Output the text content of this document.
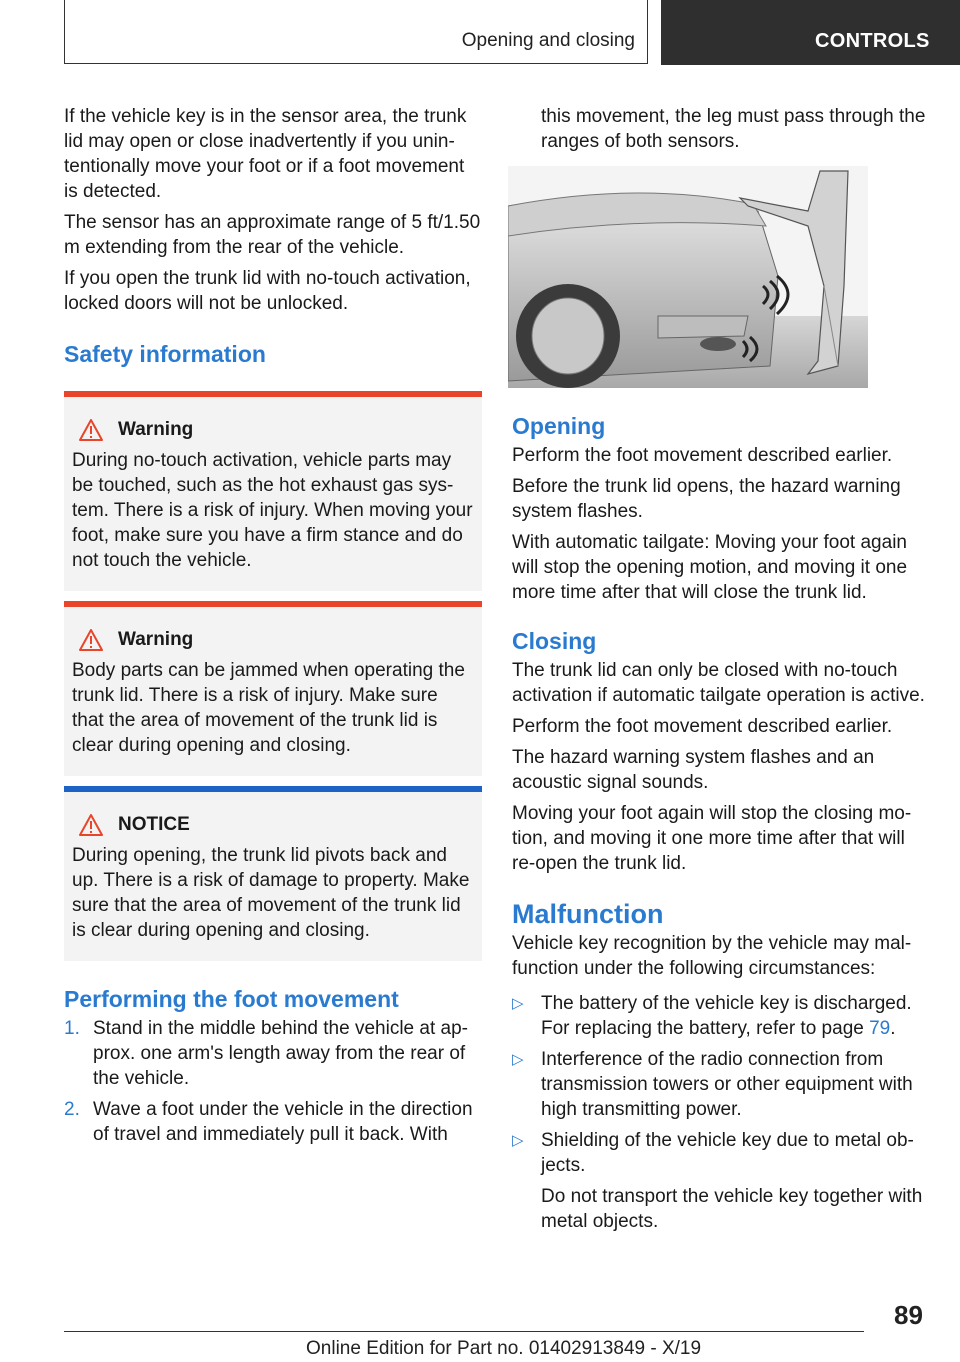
Opening and closing	CONTROLS

If the vehicle key is in the sensor area, the trunk lid may open or close inadvertently if you unintentionally move your foot or if a foot movement is detected.

The sensor has an approximate range of 5 ft/1.50 m extending from the rear of the vehicle.

If you open the trunk lid with no-touch activation, locked doors will not be unlocked.

Safety information
Warning
During no-touch activation, vehicle parts may be touched, such as the hot exhaust gas system. There is a risk of injury. When moving your foot, make sure you have a firm stance and do not touch the vehicle.
Warning
Body parts can be jammed when operating the trunk lid. There is a risk of injury. Make sure that the area of movement of the trunk lid is clear during opening and closing.
NOTICE
During opening, the trunk lid pivots back and up. There is a risk of damage to property. Make sure that the area of movement of the trunk lid is clear during opening and closing.
Performing the foot movement
1. Stand in the middle behind the vehicle at approx. one arm's length away from the rear of the vehicle.
2. Wave a foot under the vehicle in the direction of travel and immediately pull it back. With

this movement, the leg must pass through the ranges of both sensors.

Opening

Perform the foot movement described earlier.

Before the trunk lid opens, the hazard warning system flashes.

With automatic tailgate: Moving your foot again will stop the opening motion, and moving it one more time after that will close the trunk lid.

Closing

The trunk lid can only be closed with no-touch activation if automatic tailgate operation is active.

Perform the foot movement described earlier.

The hazard warning system flashes and an acoustic signal sounds.

Moving your foot again will stop the closing motion, and moving it one more time after that will re-open the trunk lid.

Malfunction

Vehicle key recognition by the vehicle may malfunction under the following circumstances:

▷ The battery of the vehicle key is discharged. For replacing the battery, refer to page 79.
▷ Interference of the radio connection from transmission towers or other equipment with high transmitting power.
▷ Shielding of the vehicle key due to metal objects.
Do not transport the vehicle key together with metal objects.
89
Online Edition for Part no. 01402913849 - X/19
